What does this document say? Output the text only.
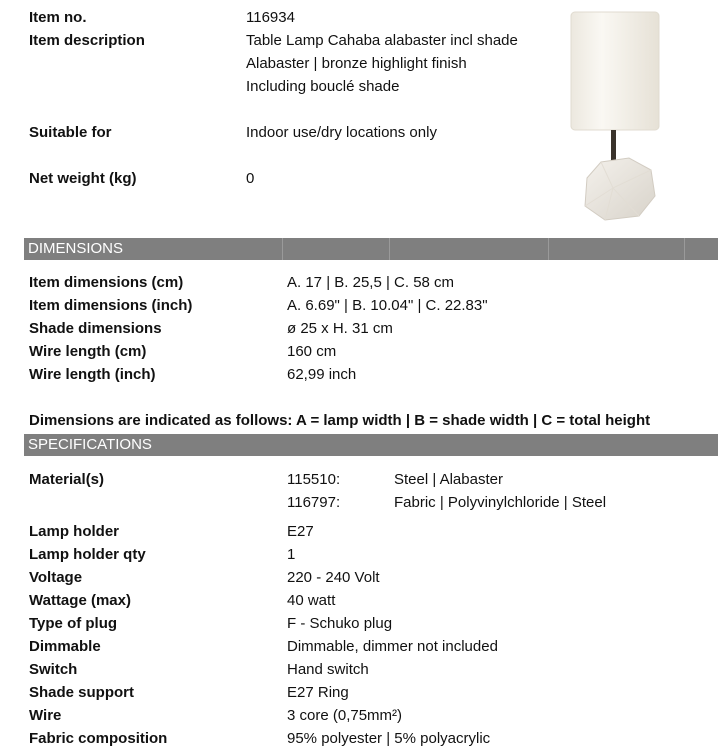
Item no.	116934
Item description	Table Lamp Cahaba alabaster incl shade
Alabaster | bronze highlight finish
Including bouclé shade
Suitable for	Indoor use/dry locations only
Net weight (kg)	0
DIMENSIONS
Item dimensions (cm)	A. 17 | B. 25,5 | C. 58 cm
Item dimensions (inch)	A. 6.69" | B. 10.04" | C. 22.83"
Shade dimensions	ø 25 x H. 31 cm
Wire length (cm)	160 cm
Wire length (inch)	62,99 inch
Dimensions are indicated as follows: A = lamp width | B = shade width | C = total height
SPECIFICATIONS
Material(s)	115510:	Steel | Alabaster
116797:	Fabric | Polyvinylchloride | Steel
Lamp holder	E27
Lamp holder qty	1
Voltage	220 - 240 Volt
Wattage (max)	40 watt
Type of plug	F - Schuko plug
Dimmable	Dimmable, dimmer not included
Switch	Hand switch
Shade support	E27 Ring
Wire	3 core (0,75mm²)
Fabric composition	95% polyester | 5% polyacrylic
